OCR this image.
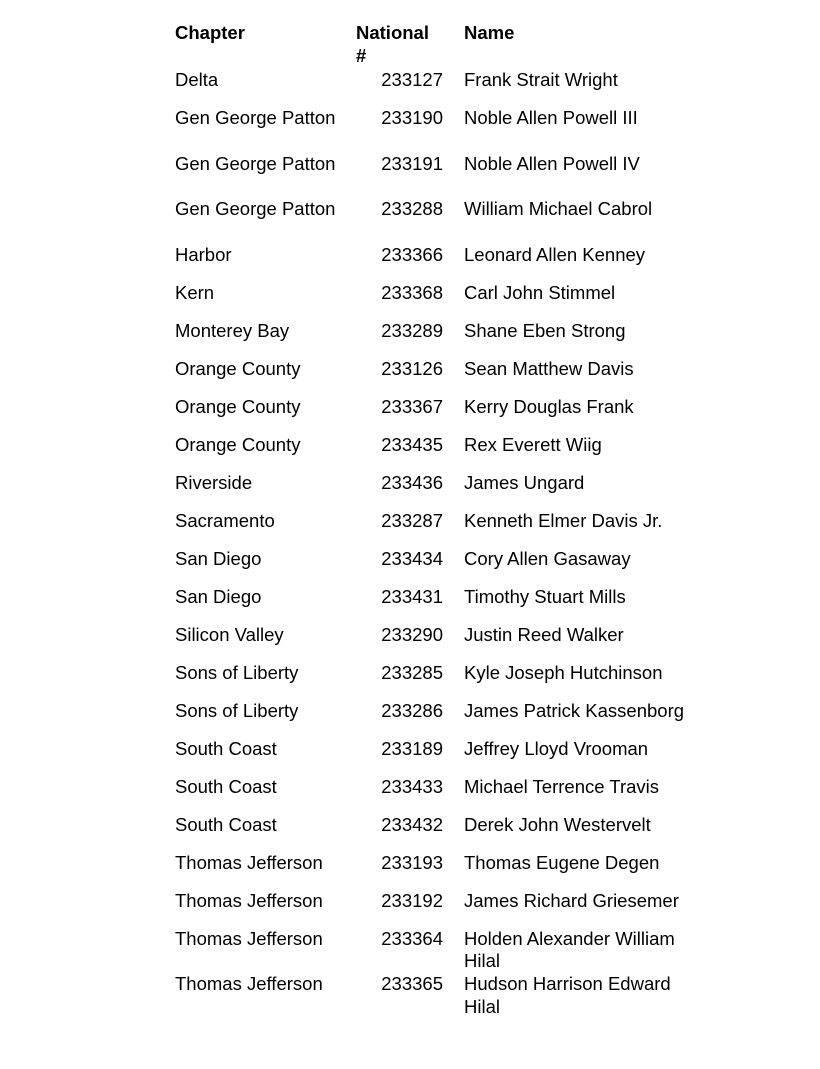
Chapter	National #	Name
Delta	233127	Frank Strait Wright
Gen George Patton	233190	Noble Allen Powell III
Gen George Patton	233191	Noble Allen Powell IV
Gen George Patton	233288	William Michael Cabrol
Harbor	233366	Leonard Allen Kenney
Kern	233368	Carl John Stimmel
Monterey Bay	233289	Shane Eben Strong
Orange County	233126	Sean Matthew Davis
Orange County	233367	Kerry Douglas Frank
Orange County	233435	Rex Everett Wiig
Riverside	233436	James Ungard
Sacramento	233287	Kenneth Elmer Davis Jr.
San Diego	233434	Cory Allen Gasaway
San Diego	233431	Timothy Stuart Mills
Silicon Valley	233290	Justin Reed Walker
Sons of Liberty	233285	Kyle Joseph Hutchinson
Sons of Liberty	233286	James Patrick Kassenborg
South Coast	233189	Jeffrey Lloyd Vrooman
South Coast	233433	Michael Terrence Travis
South Coast	233432	Derek John Westervelt
Thomas Jefferson	233193	Thomas Eugene Degen
Thomas Jefferson	233192	James Richard Griesemer
Thomas Jefferson	233364	Holden Alexander William Hilal
Thomas Jefferson	233365	Hudson Harrison Edward Hilal
